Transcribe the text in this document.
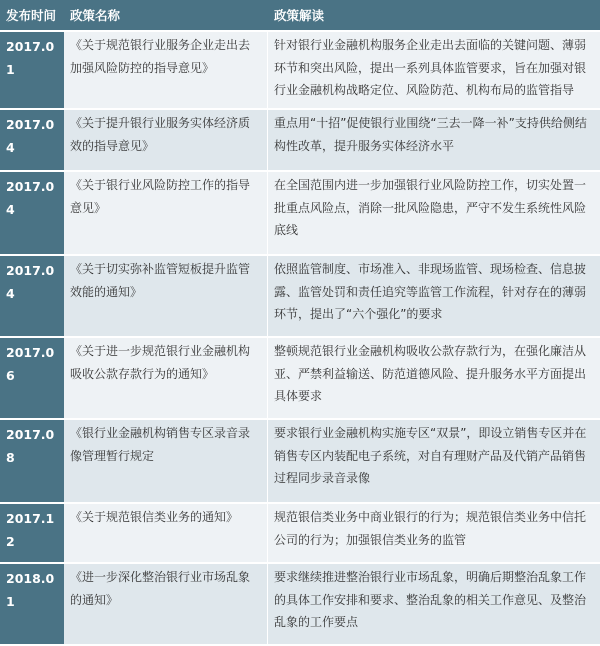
发布时间	政策名称	政策解读
2017.01	《关于规范银行业服务企业走出去加强风险防控的指导意见》	针对银行业金融机构服务企业走出去面临的关键问题、薄弱环节和突出风险，提出一系列具体监管要求，旨在加强对银行业金融机构战略定位、风险防范、机构布局的监管指导
2017.04	《关于提升银行业服务实体经济质效的指导意见》	重点用“十招”促使银行业围绕“三去一降一补”支持供给侧结构性改革，提升服务实体经济水平
2017.04	《关于银行业风险防控工作的指导意见》	在全国范围内进一步加强银行业风险防控工作，切实处置一批重点风险点，消除一批风险隐患，严守不发生系统性风险底线
2017.04	《关于切实弥补监管短板提升监管效能的通知》	依照监管制度、市场准入、非现场监管、现场检查、信息披露、监管处罚和责任追究等监管工作流程，针对存在的薄弱环节，提出了“六个强化”的要求
2017.06	《关于进一步规范银行业金融机构吸收公款存款行为的通知》	整顿规范银行业金融机构吸收公款存款行为，在强化廉洁从亚、严禁利益输送、防范道德风险、提升服务水平方面提出具体要求
2017.08	《银行业金融机构销售专区录音录像管理暂行规定	要求银行业金融机构实施专区“双景”，即设立销售专区并在销售专区内装配电子系统，对自有理财产品及代销产品销售过程同步录音录像
2017.12	《关于规范银信类业务的通知》	规范银信类业务中商业银行的行为；规范银信类业务中信托公司的行为；加强银信类业务的监管
2018.01	《进一步深化整治银行业市场乱象的通知》	要求继续推进整治银行业市场乱象，明确后期整治乱象工作的具体工作安排和要求、整治乱象的相关工作意见、及整治乱象的工作要点
